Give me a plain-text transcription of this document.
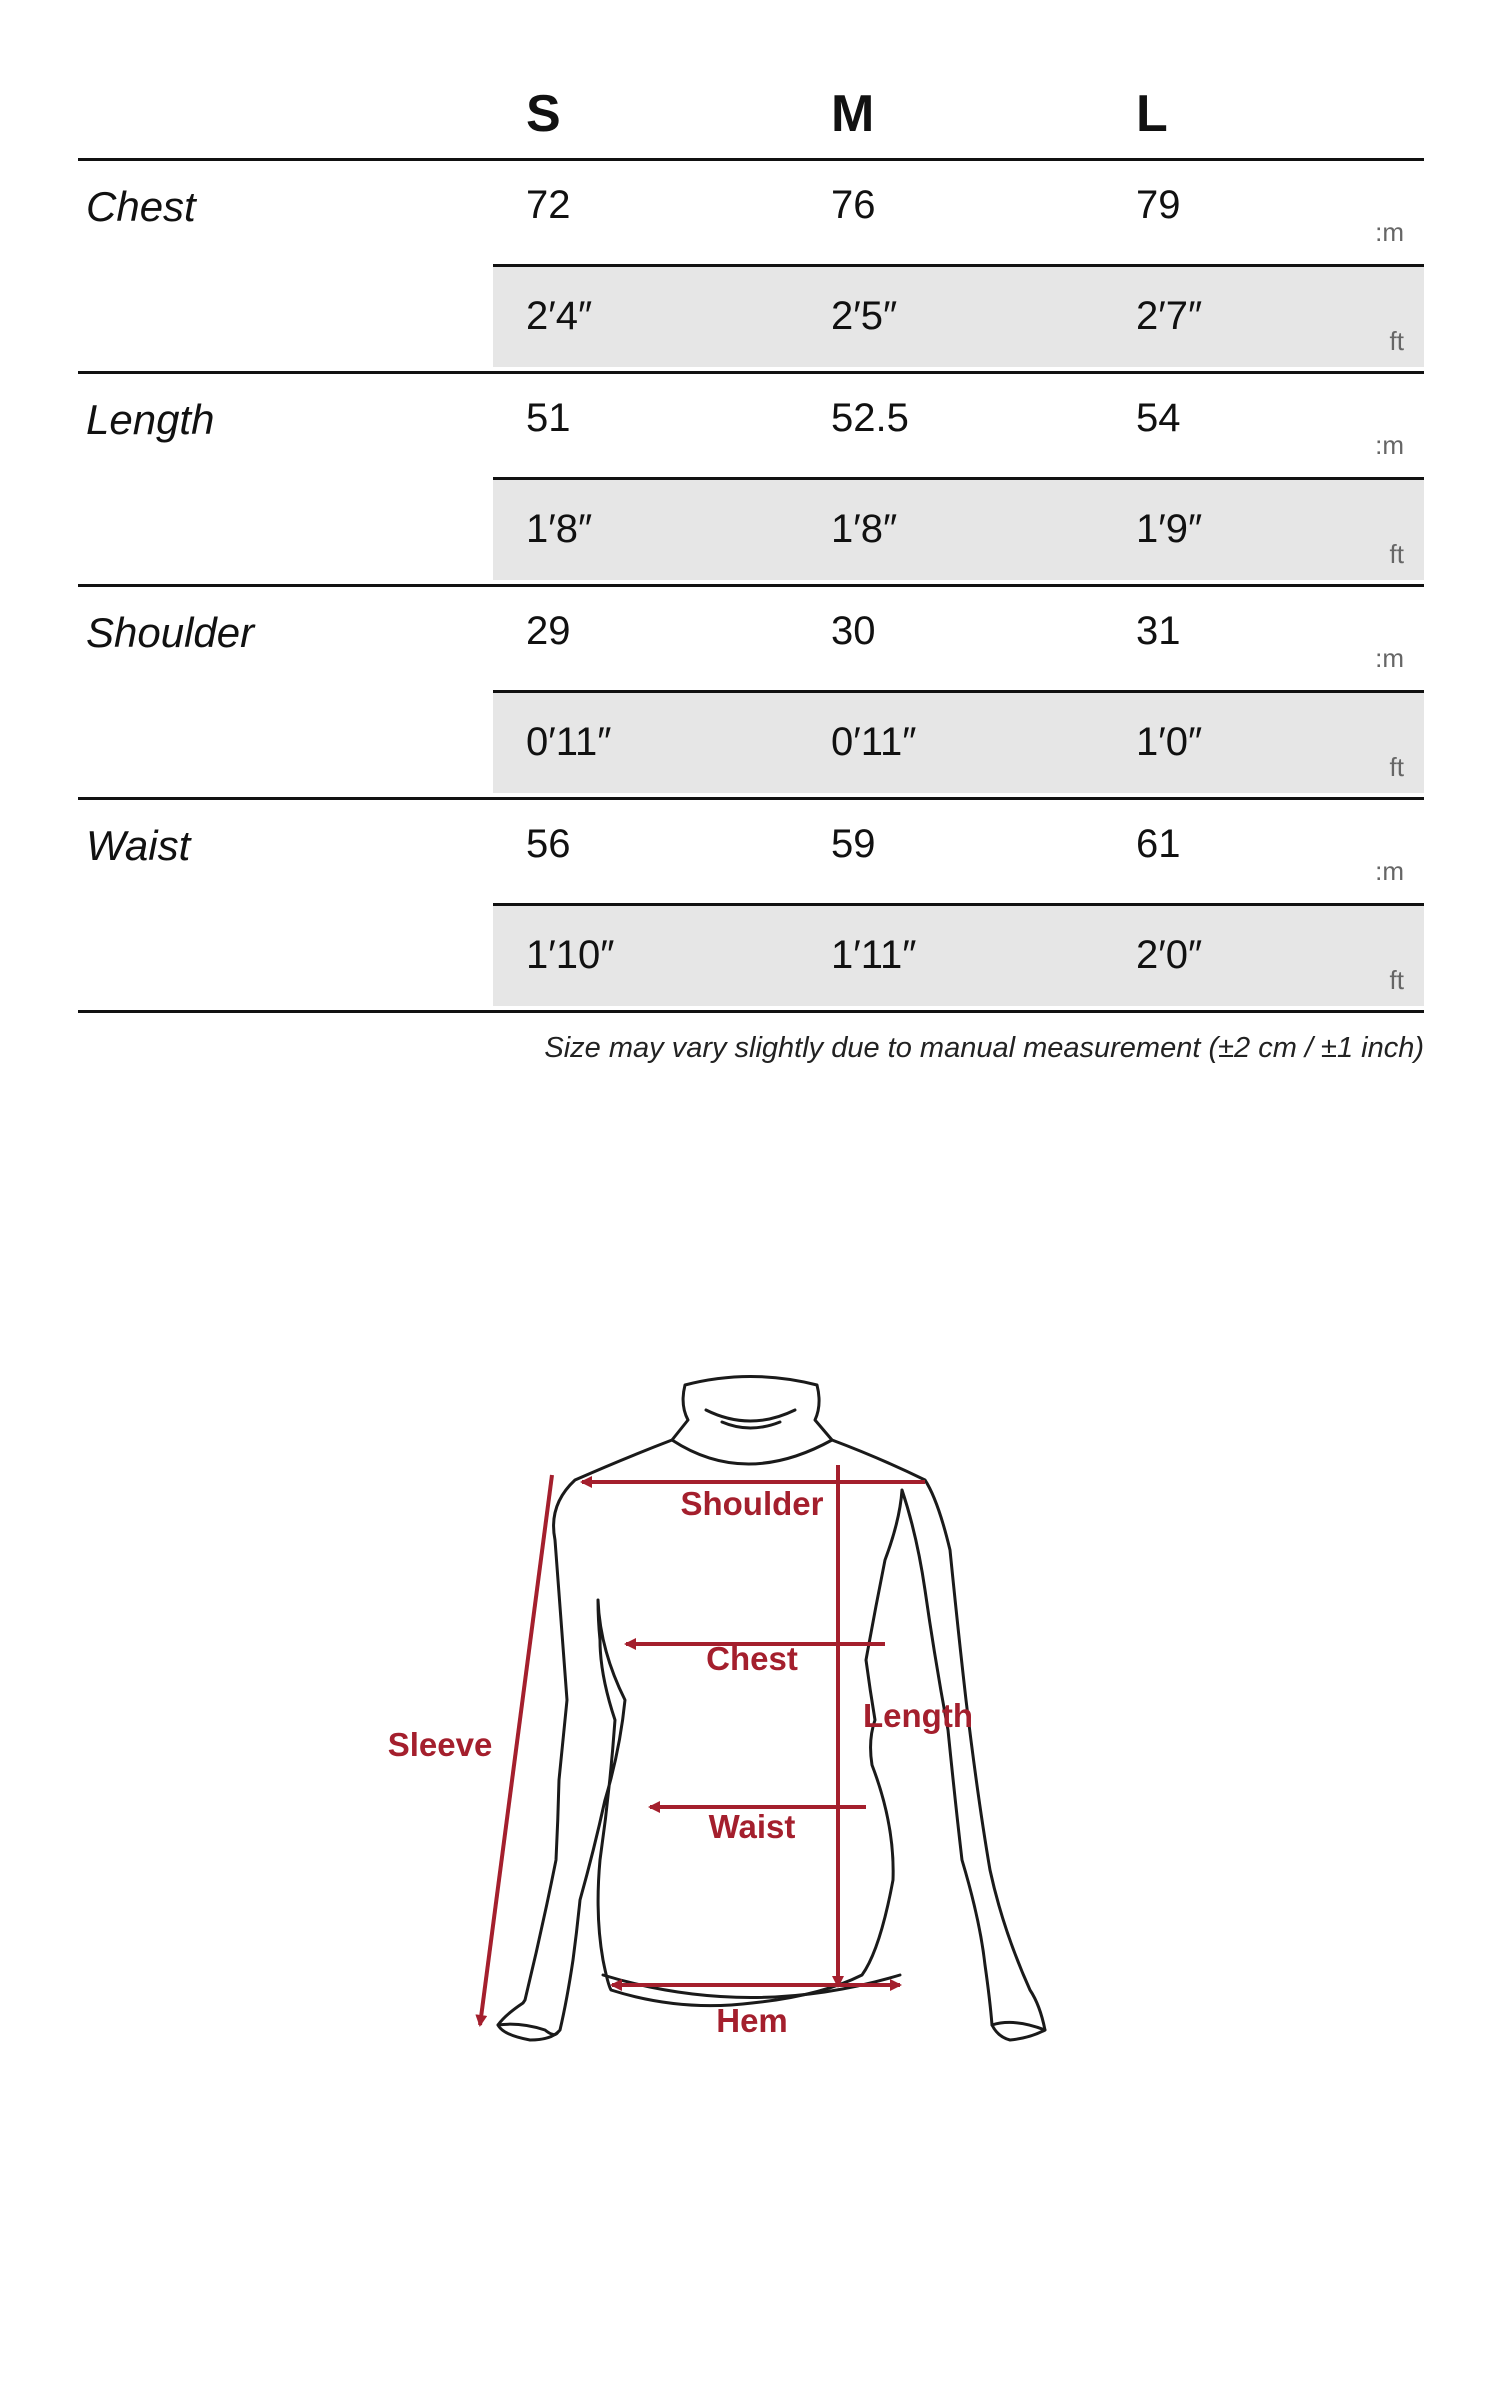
S	M	L
Chest	72	76	79
:m
2′4″	2′5″	2′7″
ft
Length	51	52.5	54
:m
1′8″	1′8″	1′9″
ft
Shoulder	29	30	31
:m
0′11″	0′11″	1′0″
ft
Waist	56	59	61
:m
1′10″	1′11″	2′0″
ft
Size may vary slightly due to manual measurement (±2 cm / ±1 inch)
Shoulder
Chest
Length
Sleeve
Waist
Hem
